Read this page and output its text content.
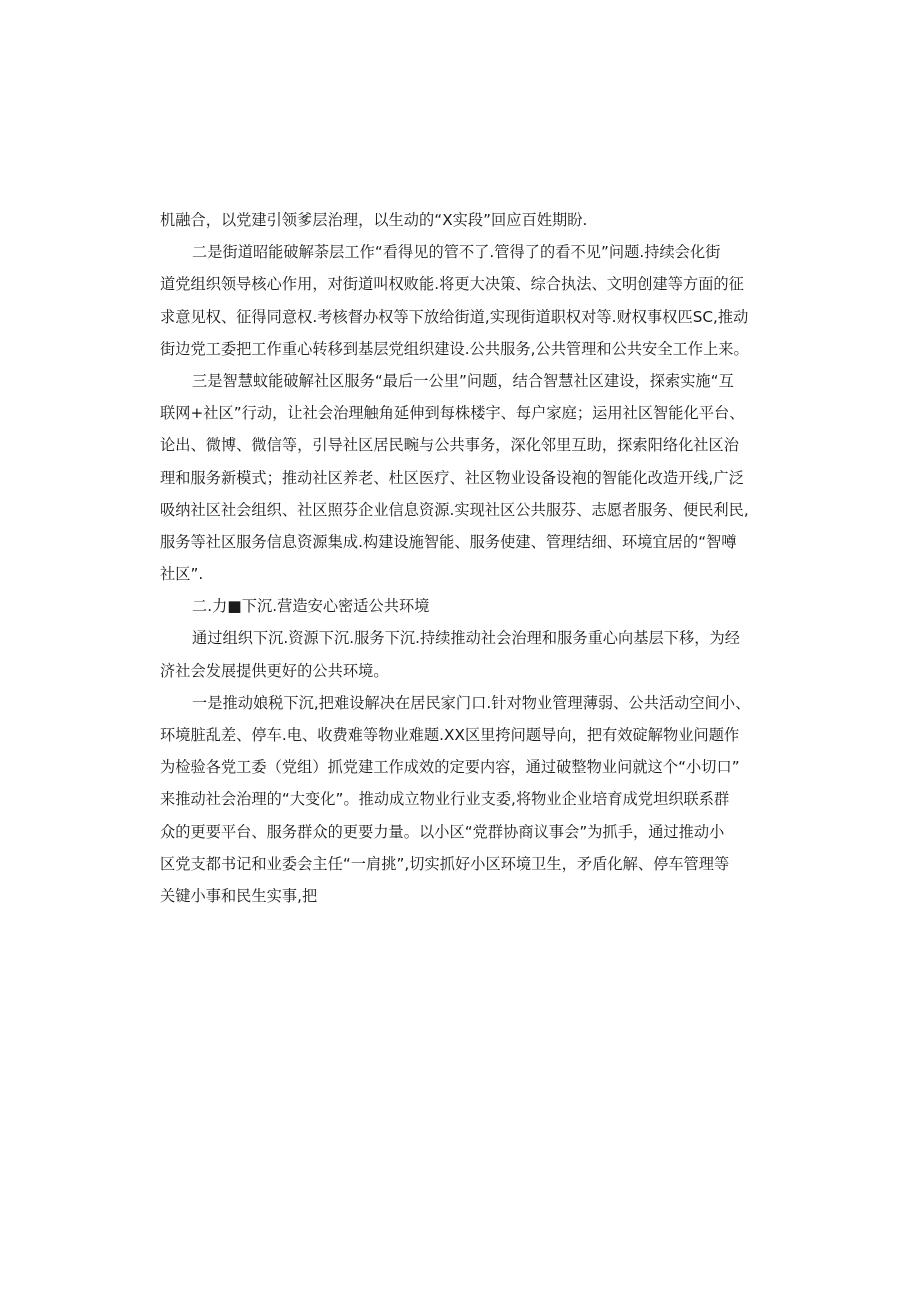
机融合，以党建引领爹层治理，以生动的“X实段”回应百姓期盼.
二是街道昭能破解荼层工作“看得见的管不了.管得了的看不见”问题.持续会化街
道党组织领导核心作用，对街道叫权败能.将更大决策、综合执法、文明创建等方面的征
求意见权、征得同意权.考核督办权等下放给街道,实现街道职权对等.财权事权匹SC,推动
街边党工委把工作重心转移到基层党组织建设.公共服务,公共管理和公共安全工作上来。
三是智慧蚊能破解社区服务“最后一公里”问题，结合智慧社区建设，探索实施“互
联网+社区”行动，让社会治理触角延伸到每株楼宇、每户家庭；运用社区智能化平台、
论出、微博、微信等，引导社区居民畹与公共事务，深化邻里互助，探索阳络化社区治
理和服务新模式；推动社区养老、杜区医疗、社区物业设备设袍的智能化改造开线,广泛
吸纳社区社会组织、社区照芬企业信息资源.实现社区公共服芬、志愿者服务、便民利民,
服务等社区服务信息资源集成.构建设施智能、服务使建、管理结细、环境宜居的“智噂
社区”.
二.力■下沉.营造安心密适公共环境
通过组织下沉.资源下沉.服务下沉.持续推动社会治理和服务重心向基层下移，为经
济社会发展提供更好的公共环境。
一是推动娘税下沉,把难设解决在居民家门口.针对物业管理薄弱、公共活动空间小、
环境脏乱差、停车.电、收费难等物业难题.XX区里挎问题导向，把有效碇解物业问题作
为检验各党工委（党组）抓党建工作成效的定要内容，通过破整物业问就这个“小切口”
来推动社会治理的“大变化”。推动成立物业行业支委,将物业企业培育成党坦织联系群
众的更要平台、服务群众的更要力量。以小区“党群协商议事会”为抓手，通过推动小
区党支都书记和业委会主任“一肩挑”,切实抓好小区环境卫生，矛盾化解、停车管理等
关键小事和民生实事,把
